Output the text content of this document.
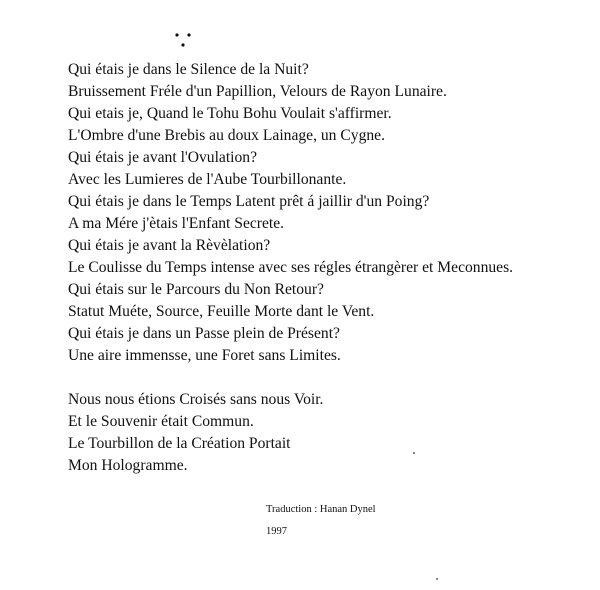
Qui étais je dans le Silence de la Nuit?
Bruissement Fréle d'un Papillion, Velours de Rayon Lunaire.
Qui etais je, Quand le Tohu Bohu Voulait s'affirmer.
L'Ombre d'une Brebis au doux Lainage, un Cygne.
Qui étais je avant l'Ovulation?
Avec les Lumieres de l'Aube Tourbillonante.
Qui étais je dans le Temps Latent prêt á jaillir d'un Poing?
A ma Mére j'ètais l'Enfant Secrete.
Qui étais je avant la Rèvèlation?
Le Coulisse du Temps intense avec ses régles étrangèrer et Meconnues.
Qui étais sur le Parcours du Non Retour?
Statut Muéte, Source, Feuille Morte dant le Vent.
Qui étais je dans un Passe plein de Présent?
Une aire immensse, une Foret sans Limites.
Nous nous étions Croisés sans nous Voir.
Et le Souvenir était Commun.
Le Tourbillon de la Création Portait
Mon Hologramme.
Traduction : Hanan Dynel
1997
